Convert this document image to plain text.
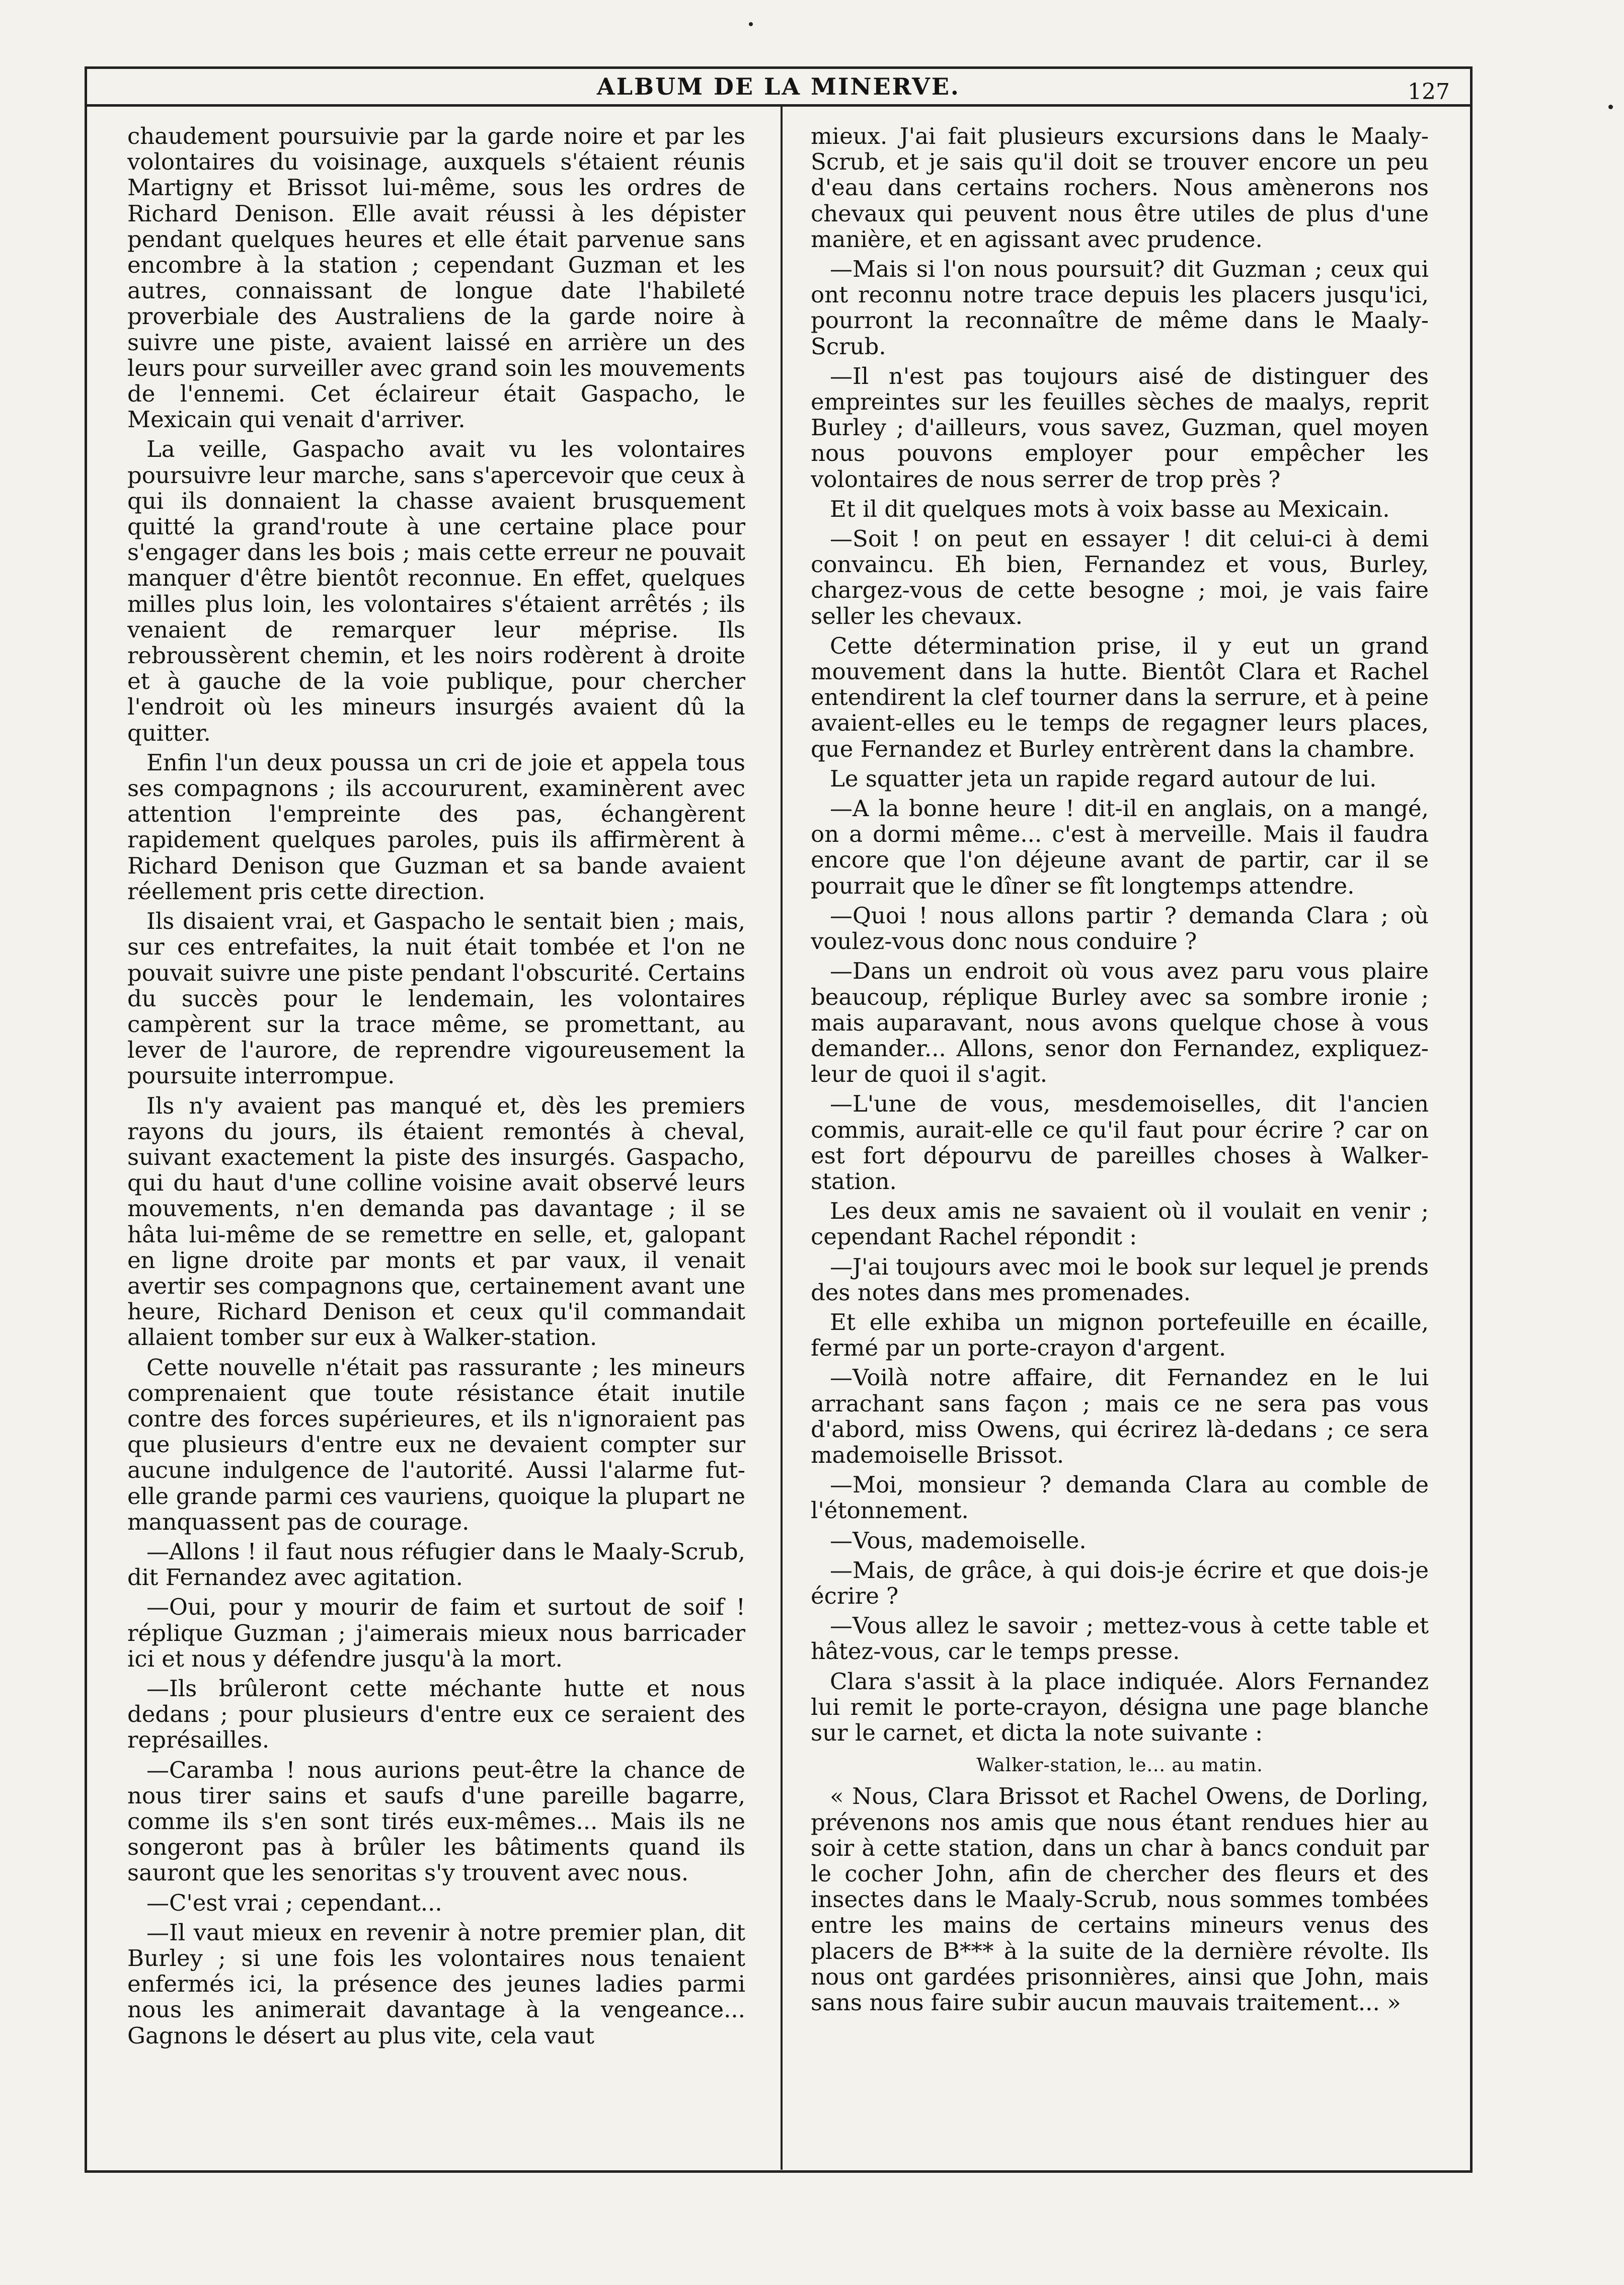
ALBUM DE LA MINERVE.	127

chaudement poursuivie par la garde noire et par les volontaires du voisinage, auxquels s'étaient réunis Martigny et Brissot lui-même, sous les ordres de Richard Denison. Elle avait réussi à les dépister pendant quelques heures et elle était parvenue sans encombre à la station ; cependant Guzman et les autres, connaissant de longue date l'habileté proverbiale des Australiens de la garde noire à suivre une piste, avaient laissé en arrière un des leurs pour surveiller avec grand soin les mouvements de l'ennemi. Cet éclaireur était Gaspacho, le Mexicain qui venait d'arriver.

La veille, Gaspacho avait vu les volontaires poursuivre leur marche, sans s'apercevoir que ceux à qui ils donnaient la chasse avaient brusquement quitté la grand'route à une certaine place pour s'engager dans les bois ; mais cette erreur ne pouvait manquer d'être bientôt reconnue. En effet, quelques milles plus loin, les volontaires s'étaient arrêtés ; ils venaient de remarquer leur méprise. Ils rebroussèrent chemin, et les noirs rodèrent à droite et à gauche de la voie publique, pour chercher l'endroit où les mineurs insurgés avaient dû la quitter.

Enfin l'un deux poussa un cri de joie et appela tous ses compagnons ; ils accoururent, examinèrent avec attention l'empreinte des pas, échangèrent rapidement quelques paroles, puis ils affirmèrent à Richard Denison que Guzman et sa bande avaient réellement pris cette direction.

Ils disaient vrai, et Gaspacho le sentait bien ; mais, sur ces entrefaites, la nuit était tombée et l'on ne pouvait suivre une piste pendant l'obscurité. Certains du succès pour le lendemain, les volontaires campèrent sur la trace même, se promettant, au lever de l'aurore, de reprendre vigoureusement la poursuite interrompue.

Ils n'y avaient pas manqué et, dès les premiers rayons du jours, ils étaient remontés à cheval, suivant exactement la piste des insurgés. Gaspacho, qui du haut d'une colline voisine avait observé leurs mouvements, n'en demanda pas davantage ; il se hâta lui-même de se remettre en selle, et, galopant en ligne droite par monts et par vaux, il venait avertir ses compagnons que, certainement avant une heure, Richard Denison et ceux qu'il commandait allaient tomber sur eux à Walker-station.

Cette nouvelle n'était pas rassurante ; les mineurs comprenaient que toute résistance était inutile contre des forces supérieures, et ils n'ignoraient pas que plusieurs d'entre eux ne devaient compter sur aucune indulgence de l'autorité. Aussi l'alarme fut-elle grande parmi ces vauriens, quoique la plupart ne manquassent pas de courage.

—Allons ! il faut nous réfugier dans le Maaly-Scrub, dit Fernandez avec agitation.

—Oui, pour y mourir de faim et surtout de soif ! réplique Guzman ; j'aimerais mieux nous barricader ici et nous y défendre jusqu'à la mort.

—Ils brûleront cette méchante hutte et nous dedans ; pour plusieurs d'entre eux ce seraient des représailles.

—Caramba ! nous aurions peut-être la chance de nous tirer sains et saufs d'une pareille bagarre, comme ils s'en sont tirés eux-mêmes... Mais ils ne songeront pas à brûler les bâtiments quand ils sauront que les senoritas s'y trouvent avec nous.

—C'est vrai ; cependant...

—Il vaut mieux en revenir à notre premier plan, dit Burley ; si une fois les volontaires nous tenaient enfermés ici, la présence des jeunes ladies parmi nous les animerait davantage à la vengeance... Gagnons le désert au plus vite, cela vaut

mieux. J'ai fait plusieurs excursions dans le Maaly-Scrub, et je sais qu'il doit se trouver encore un peu d'eau dans certains rochers. Nous amènerons nos chevaux qui peuvent nous être utiles de plus d'une manière, et en agissant avec prudence.

—Mais si l'on nous poursuit? dit Guzman ; ceux qui ont reconnu notre trace depuis les placers jusqu'ici, pourront la reconnaître de même dans le Maaly-Scrub.

—Il n'est pas toujours aisé de distinguer des empreintes sur les feuilles sèches de maalys, reprit Burley ; d'ailleurs, vous savez, Guzman, quel moyen nous pouvons employer pour empêcher les volontaires de nous serrer de trop près ?

Et il dit quelques mots à voix basse au Mexicain.

—Soit ! on peut en essayer ! dit celui-ci à demi convaincu. Eh bien, Fernandez et vous, Burley, chargez-vous de cette besogne ; moi, je vais faire seller les chevaux.

Cette détermination prise, il y eut un grand mouvement dans la hutte. Bientôt Clara et Rachel entendirent la clef tourner dans la serrure, et à peine avaient-elles eu le temps de regagner leurs places, que Fernandez et Burley entrèrent dans la chambre.

Le squatter jeta un rapide regard autour de lui.

—A la bonne heure ! dit-il en anglais, on a mangé, on a dormi même... c'est à merveille. Mais il faudra encore que l'on déjeune avant de partir, car il se pourrait que le dîner se fît longtemps attendre.

—Quoi ! nous allons partir ? demanda Clara ; où voulez-vous donc nous conduire ?

—Dans un endroit où vous avez paru vous plaire beaucoup, réplique Burley avec sa sombre ironie ; mais auparavant, nous avons quelque chose à vous demander... Allons, senor don Fernandez, expliquez-leur de quoi il s'agit.

—L'une de vous, mesdemoiselles, dit l'ancien commis, aurait-elle ce qu'il faut pour écrire ? car on est fort dépourvu de pareilles choses à Walker-station.

Les deux amis ne savaient où il voulait en venir ; cependant Rachel répondit :

—J'ai toujours avec moi le book sur lequel je prends des notes dans mes promenades.

Et elle exhiba un mignon portefeuille en écaille, fermé par un porte-crayon d'argent.

—Voilà notre affaire, dit Fernandez en le lui arrachant sans façon ; mais ce ne sera pas vous d'abord, miss Owens, qui écrirez là-dedans ; ce sera mademoiselle Brissot.

—Moi, monsieur ? demanda Clara au comble de l'étonnement.

—Vous, mademoiselle.

—Mais, de grâce, à qui dois-je écrire et que dois-je écrire ?

—Vous allez le savoir ; mettez-vous à cette table et hâtez-vous, car le temps presse.

Clara s'assit à la place indiquée. Alors Fernandez lui remit le porte-crayon, désigna une page blanche sur le carnet, et dicta la note suivante :

Walker-station, le... au matin.

« Nous, Clara Brissot et Rachel Owens, de Dorling, prévenons nos amis que nous étant rendues hier au soir à cette station, dans un char à bancs conduit par le cocher John, afin de chercher des fleurs et des insectes dans le Maaly-Scrub, nous sommes tombées entre les mains de certains mineurs venus des placers de B*** à la suite de la dernière révolte. Ils nous ont gardées prisonnières, ainsi que John, mais sans nous faire subir aucun mauvais traitement... »
